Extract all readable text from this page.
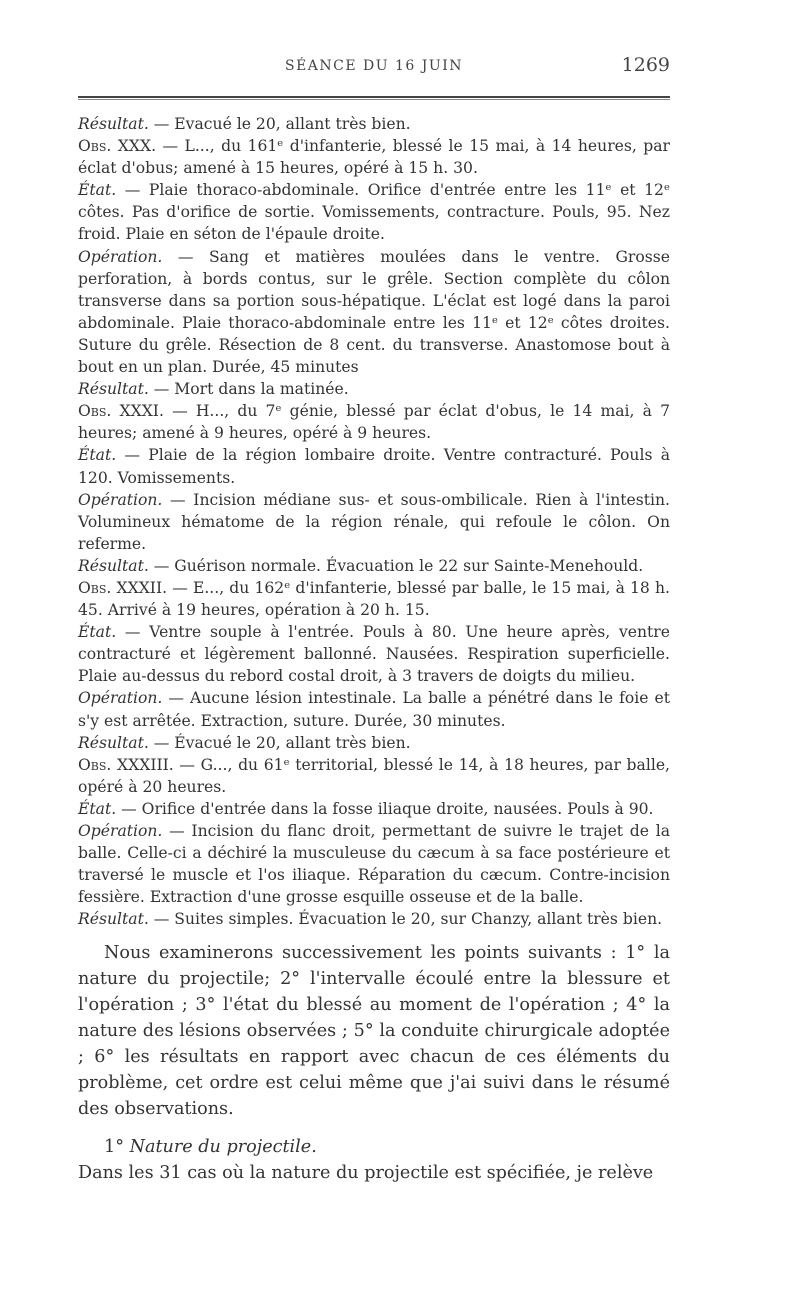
SÉANCE DU 16 JUIN	1269

Résultat. — Evacué le 20, allant très bien.

Obs. XXX. — L..., du 161ᵉ d'infanterie, blessé le 15 mai, à 14 heures, par éclat d'obus; amené à 15 heures, opéré à 15 h. 30.

État. — Plaie thoraco-abdominale. Orifice d'entrée entre les 11ᵉ et 12ᵉ côtes. Pas d'orifice de sortie. Vomissements, contracture. Pouls, 95. Nez froid. Plaie en séton de l'épaule droite.

Opération. — Sang et matières moulées dans le ventre. Grosse perforation, à bords contus, sur le grêle. Section complète du côlon transverse dans sa portion sous-hépatique. L'éclat est logé dans la paroi abdominale. Plaie thoraco-abdominale entre les 11ᵉ et 12ᵉ côtes droites. Suture du grêle. Résection de 8 cent. du transverse. Anastomose bout à bout en un plan. Durée, 45 minutes

Résultat. — Mort dans la matinée.

Obs. XXXI. — H..., du 7ᵉ génie, blessé par éclat d'obus, le 14 mai, à 7 heures; amené à 9 heures, opéré à 9 heures.

État. — Plaie de la région lombaire droite. Ventre contracturé. Pouls à 120. Vomissements.

Opération. — Incision médiane sus- et sous-ombilicale. Rien à l'intestin. Volumineux hématome de la région rénale, qui refoule le côlon. On referme.

Résultat. — Guérison normale. Évacuation le 22 sur Sainte-Menehould.

Obs. XXXII. — E..., du 162ᵉ d'infanterie, blessé par balle, le 15 mai, à 18 h. 45. Arrivé à 19 heures, opération à 20 h. 15.

État. — Ventre souple à l'entrée. Pouls à 80. Une heure après, ventre contracturé et légèrement ballonné. Nausées. Respiration superficielle. Plaie au-dessus du rebord costal droit, à 3 travers de doigts du milieu.

Opération. — Aucune lésion intestinale. La balle a pénétré dans le foie et s'y est arrêtée. Extraction, suture. Durée, 30 minutes.

Résultat. — Évacué le 20, allant très bien.

Obs. XXXIII. — G..., du 61ᵉ territorial, blessé le 14, à 18 heures, par balle, opéré à 20 heures.

État. — Orifice d'entrée dans la fosse iliaque droite, nausées. Pouls à 90.

Opération. — Incision du flanc droit, permettant de suivre le trajet de la balle. Celle-ci a déchiré la musculeuse du cæcum à sa face postérieure et traversé le muscle et l'os iliaque. Réparation du cæcum. Contre-incision fessière. Extraction d'une grosse esquille osseuse et de la balle.

Résultat. — Suites simples. Évacuation le 20, sur Chanzy, allant très bien.

Nous examinerons successivement les points suivants : 1° la nature du projectile; 2° l'intervalle écoulé entre la blessure et l'opération ; 3° l'état du blessé au moment de l'opération ; 4° la nature des lésions observées ; 5° la conduite chirurgicale adoptée ; 6° les résultats en rapport avec chacun de ces éléments du problème, cet ordre est celui même que j'ai suivi dans le résumé des observations.

1° Nature du projectile.

Dans les 31 cas où la nature du projectile est spécifiée, je relève
